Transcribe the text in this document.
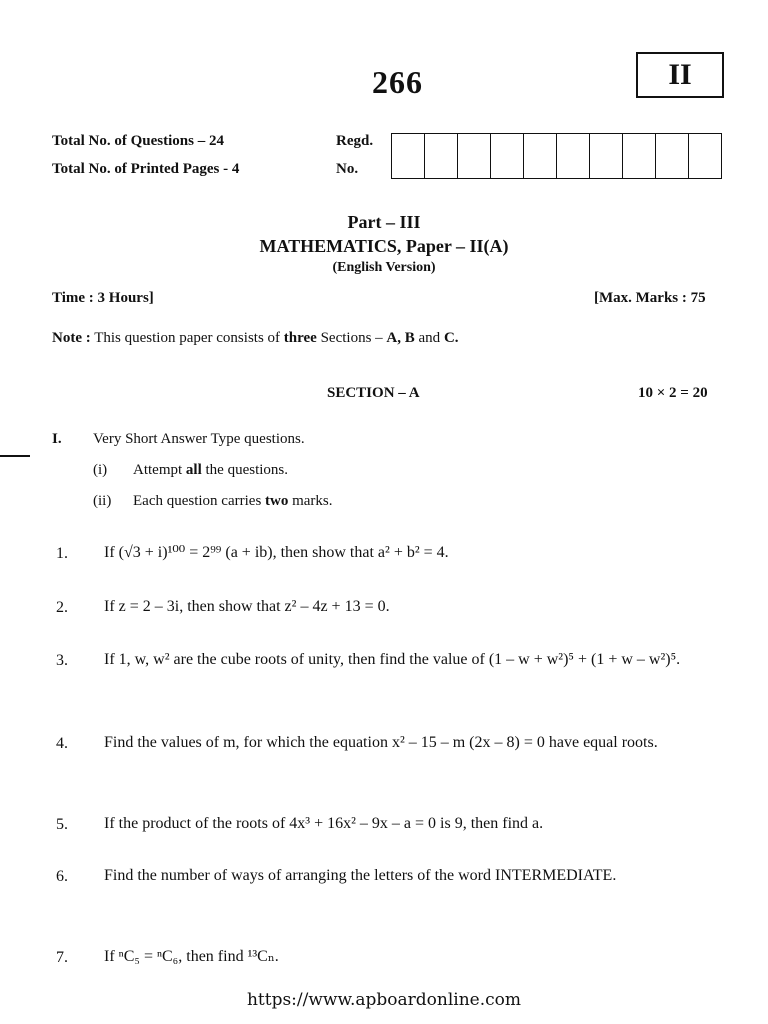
266	II
Total No. of Questions – 24
Total No. of Printed Pages - 4
Regd.
No.
Part – III
MATHEMATICS, Paper – II(A)
(English Version)
Time : 3 Hours]	[Max. Marks : 75
Note : This question paper consists of three Sections – A, B and C.
SECTION – A	10 × 2 = 20
I. Very Short Answer Type questions.
(i) Attempt all the questions.
(ii) Each question carries two marks.
1. If (√3 + i)¹⁰⁰ = 2⁹⁹ (a + ib), then show that a² + b² = 4.
2. If z = 2 – 3i, then show that z² – 4z + 13 = 0.
3. If 1, w, w² are the cube roots of unity, then find the value of (1 – w + w²)⁵ + (1 + w – w²)⁵.
4. Find the values of m, for which the equation x² – 15 – m (2x – 8) = 0 have equal roots.
5. If the product of the roots of 4x³ + 16x² – 9x – a = 0 is 9, then find a.
6. Find the number of ways of arranging the letters of the word INTERMEDIATE.
7. If ⁿC₅ = ⁿC₆, then find ¹³Cₙ.
https://www.apboardonline.com
